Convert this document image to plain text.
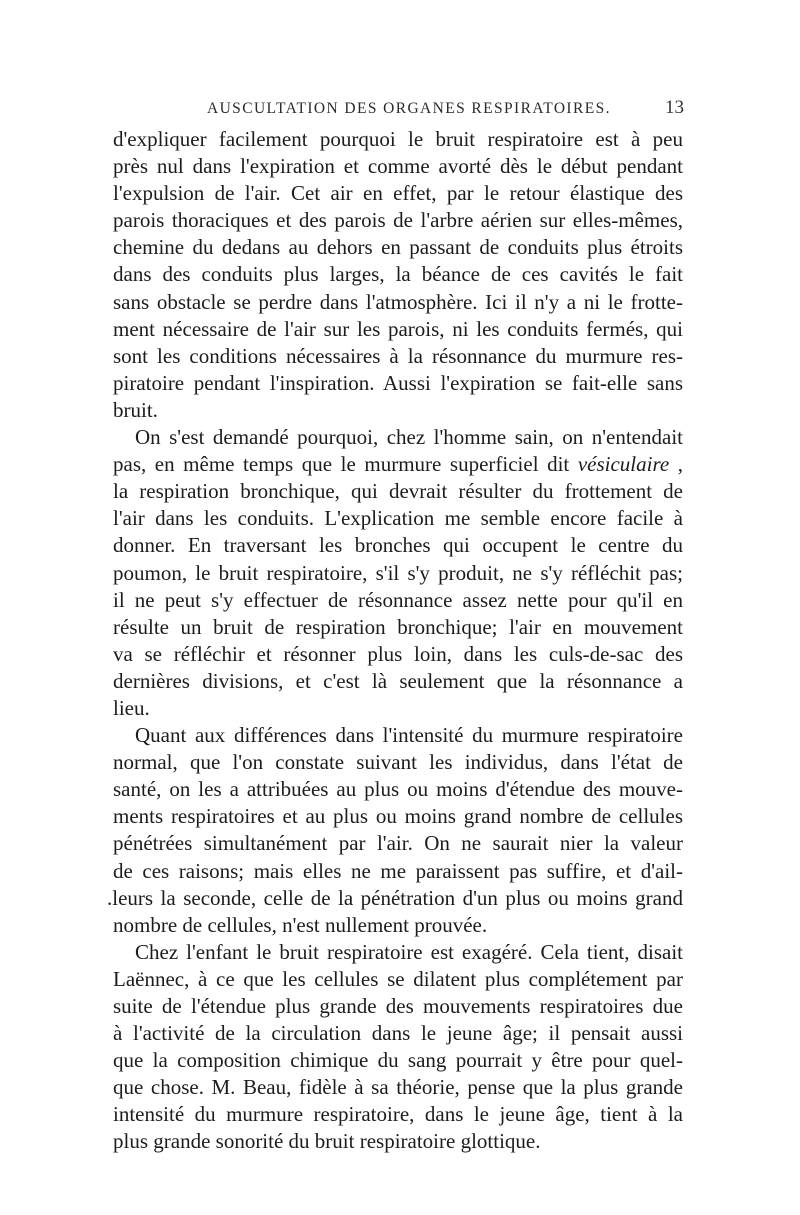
AUSCULTATION DES ORGANES RESPIRATOIRES.	13
d'expliquer facilement pourquoi le bruit respiratoire est à peu
près nul dans l'expiration et comme avorté dès le début pendant
l'expulsion de l'air. Cet air en effet, par le retour élastique des
parois thoraciques et des parois de l'arbre aérien sur elles-mêmes,
chemine du dedans au dehors en passant de conduits plus étroits
dans des conduits plus larges, la béance de ces cavités le fait
sans obstacle se perdre dans l'atmosphère. Ici il n'y a ni le frotte-
ment nécessaire de l'air sur les parois, ni les conduits fermés, qui
sont les conditions nécessaires à la résonnance du murmure res-
piratoire pendant l'inspiration. Aussi l'expiration se fait-elle sans
bruit.
On s'est demandé pourquoi, chez l'homme sain, on n'entendait
pas, en même temps que le murmure superficiel dit vésiculaire ,
la respiration bronchique, qui devrait résulter du frottement de
l'air dans les conduits. L'explication me semble encore facile à
donner. En traversant les bronches qui occupent le centre du
poumon, le bruit respiratoire, s'il s'y produit, ne s'y réfléchit pas;
il ne peut s'y effectuer de résonnance assez nette pour qu'il en
résulte un bruit de respiration bronchique; l'air en mouvement
va se réfléchir et résonner plus loin, dans les culs-de-sac des
dernières divisions, et c'est là seulement que la résonnance a
lieu.
Quant aux différences dans l'intensité du murmure respiratoire
normal, que l'on constate suivant les individus, dans l'état de
santé, on les a attribuées au plus ou moins d'étendue des mouve-
ments respiratoires et au plus ou moins grand nombre de cellules
pénétrées simultanément par l'air. On ne saurait nier la valeur
de ces raisons; mais elles ne me paraissent pas suffire, et d'ail-
.leurs la seconde, celle de la pénétration d'un plus ou moins grand
nombre de cellules, n'est nullement prouvée.
Chez l'enfant le bruit respiratoire est exagéré. Cela tient, disait
Laënnec, à ce que les cellules se dilatent plus complétement par
suite de l'étendue plus grande des mouvements respiratoires due
à l'activité de la circulation dans le jeune âge; il pensait aussi
que la composition chimique du sang pourrait y être pour quel-
que chose. M. Beau, fidèle à sa théorie, pense que la plus grande
intensité du murmure respiratoire, dans le jeune âge, tient à la
plus grande sonorité du bruit respiratoire glottique.
